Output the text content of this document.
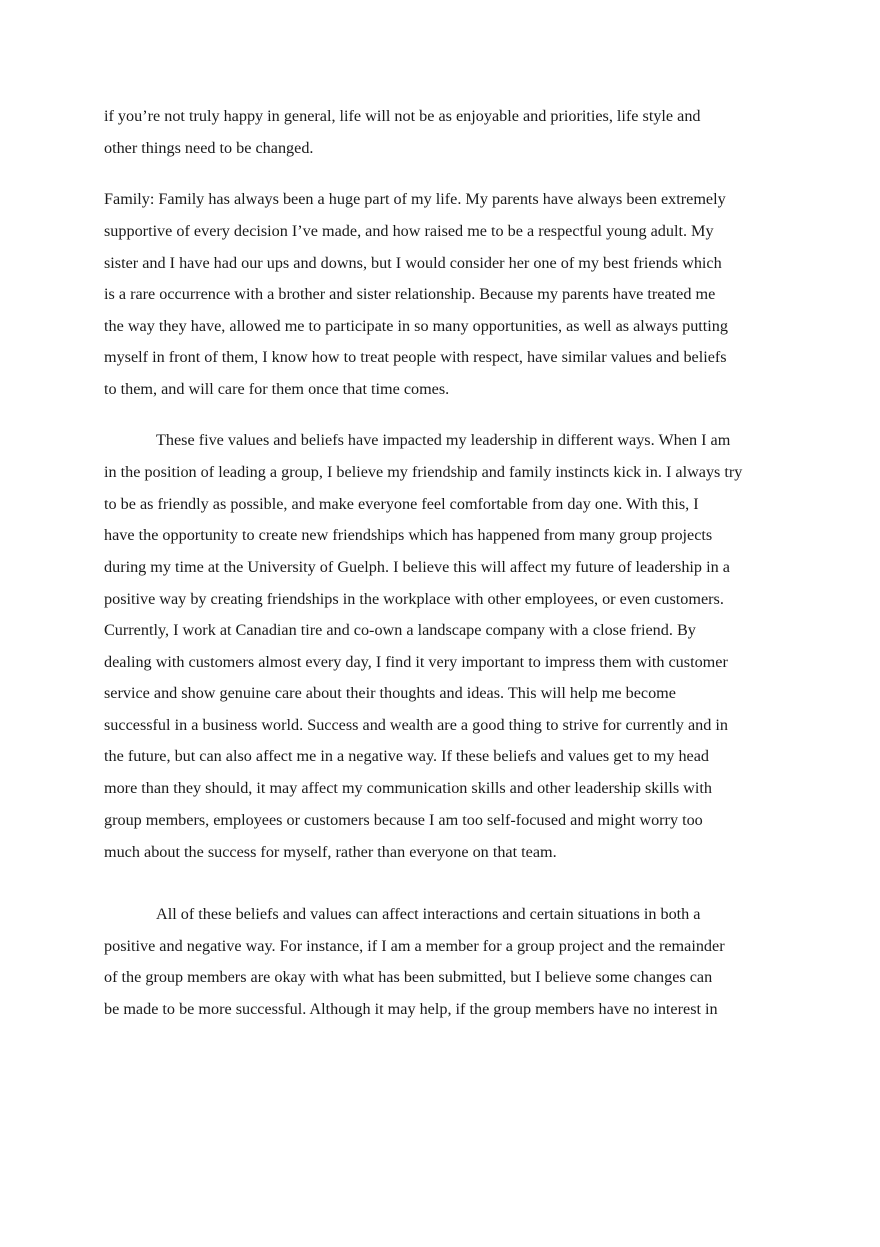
if you’re not truly happy in general, life will not be as enjoyable and priorities, life style and
other things need to be changed.
Family: Family has always been a huge part of my life. My parents have always been extremely
supportive of every decision I’ve made, and how raised me to be a respectful young adult. My
sister and I have had our ups and downs, but I would consider her one of my best friends which
is a rare occurrence with a brother and sister relationship. Because my parents have treated me
the way they have, allowed me to participate in so many opportunities, as well as always putting
myself in front of them, I know how to treat people with respect, have similar values and beliefs
to them, and will care for them once that time comes.
These five values and beliefs have impacted my leadership in different ways. When I am
in the position of leading a group, I believe my friendship and family instincts kick in. I always try
to be as friendly as possible, and make everyone feel comfortable from day one. With this, I
have the opportunity to create new friendships which has happened from many group projects
during my time at the University of Guelph. I believe this will affect my future of leadership in a
positive way by creating friendships in the workplace with other employees, or even customers.
Currently, I work at Canadian tire and co-own a landscape company with a close friend. By
dealing with customers almost every day, I find it very important to impress them with customer
service and show genuine care about their thoughts and ideas. This will help me become
successful in a business world. Success and wealth are a good thing to strive for currently and in
the future, but can also affect me in a negative way. If these beliefs and values get to my head
more than they should, it may affect my communication skills and other leadership skills with
group members, employees or customers because I am too self-focused and might worry too
much about the success for myself, rather than everyone on that team.
All of these beliefs and values can affect interactions and certain situations in both a
positive and negative way. For instance, if I am a member for a group project and the remainder
of the group members are okay with what has been submitted, but I believe some changes can
be made to be more successful. Although it may help, if the group members have no interest in
